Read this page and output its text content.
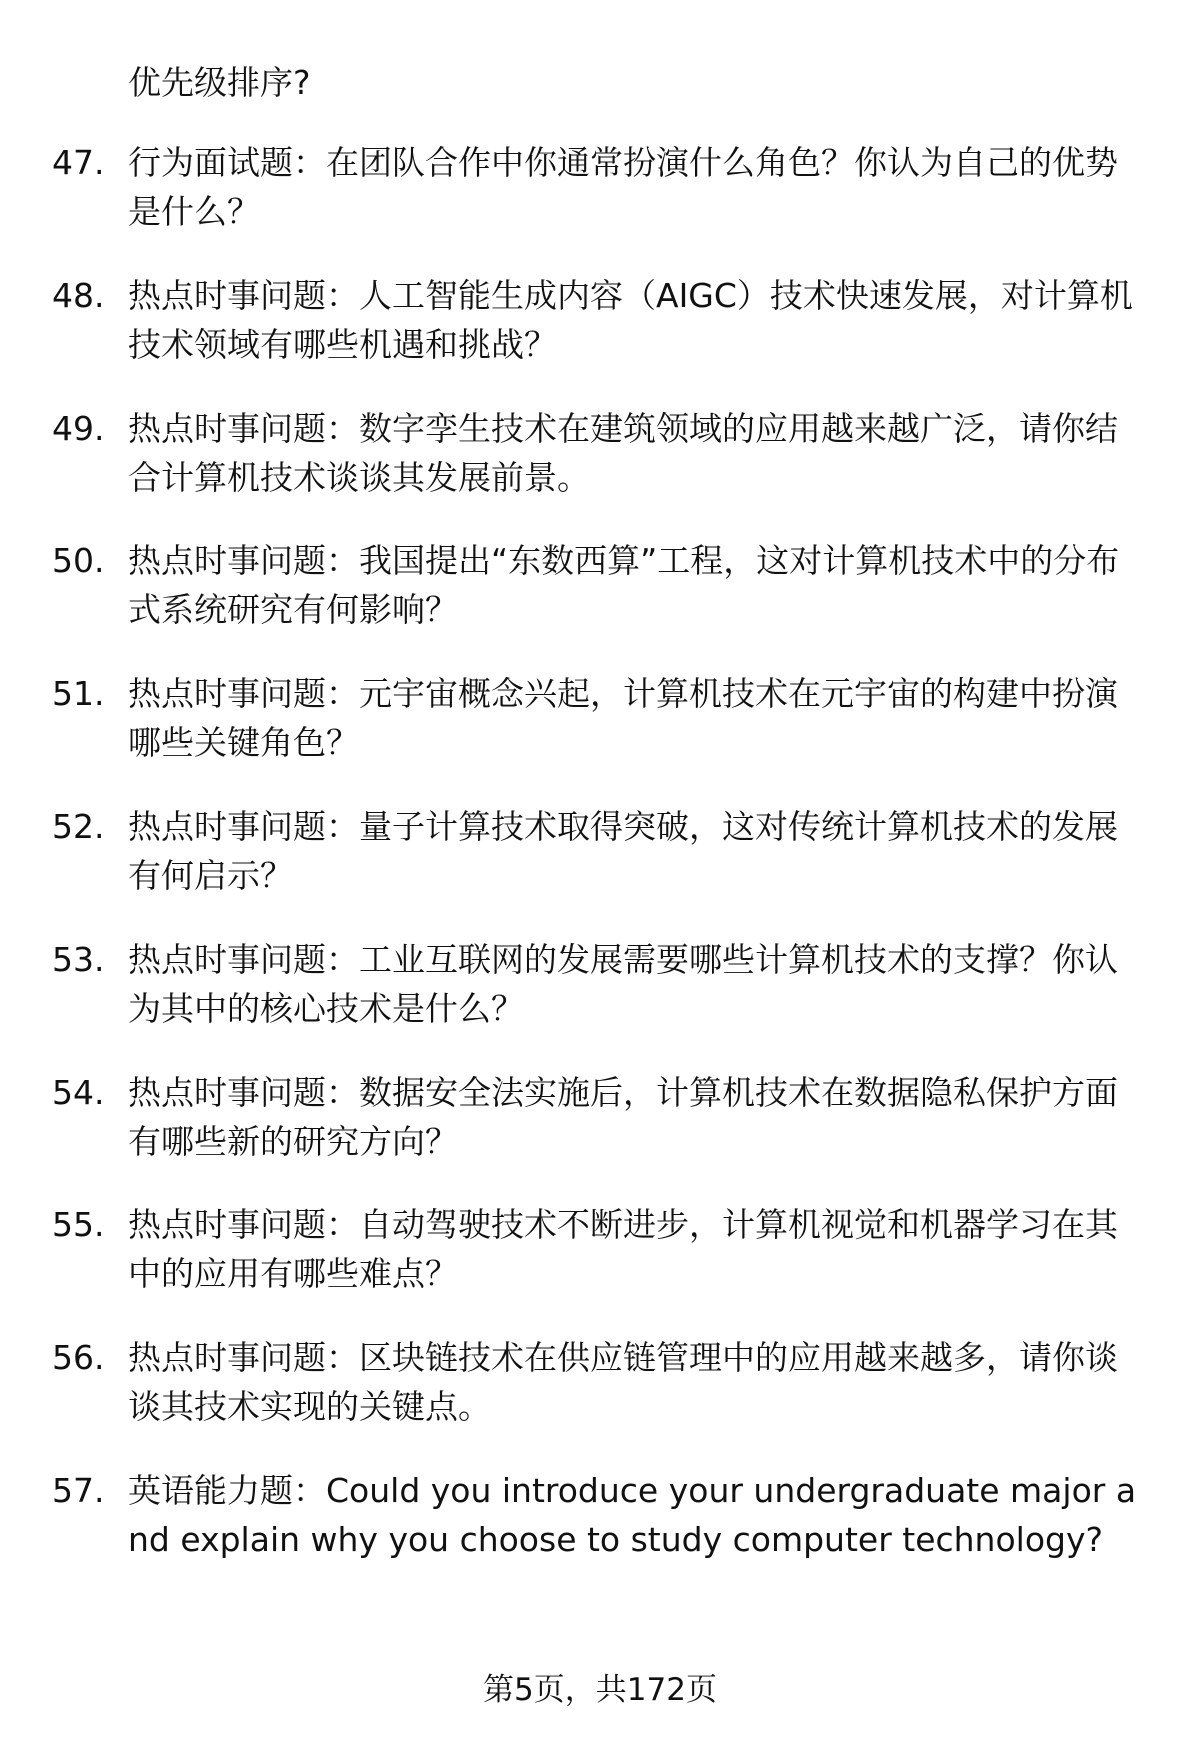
优先级排序?

47. 行为面试题：在团队合作中你通常扮演什么角色？你认为自己的优势是什么？
48. 热点时事问题：人工智能生成内容（AIGC）技术快速发展，对计算机技术领域有哪些机遇和挑战？
49. 热点时事问题：数字孪生技术在建筑领域的应用越来越广泛，请你结合计算机技术谈谈其发展前景。
50. 热点时事问题：我国提出“东数西算”工程，这对计算机技术中的分布式系统研究有何影响？
51. 热点时事问题：元宇宙概念兴起，计算机技术在元宇宙的构建中扮演哪些关键角色？
52. 热点时事问题：量子计算技术取得突破，这对传统计算机技术的发展有何启示？
53. 热点时事问题：工业互联网的发展需要哪些计算机技术的支撑？你认为其中的核心技术是什么？
54. 热点时事问题：数据安全法实施后，计算机技术在数据隐私保护方面有哪些新的研究方向？
55. 热点时事问题：自动驾驶技术不断进步，计算机视觉和机器学习在其中的应用有哪些难点？
56. 热点时事问题：区块链技术在供应链管理中的应用越来越多，请你谈谈其技术实现的关键点。
57. 英语能力题：Could you introduce your undergraduate major and explain why you choose to study computer technology?
第5页，共172页
